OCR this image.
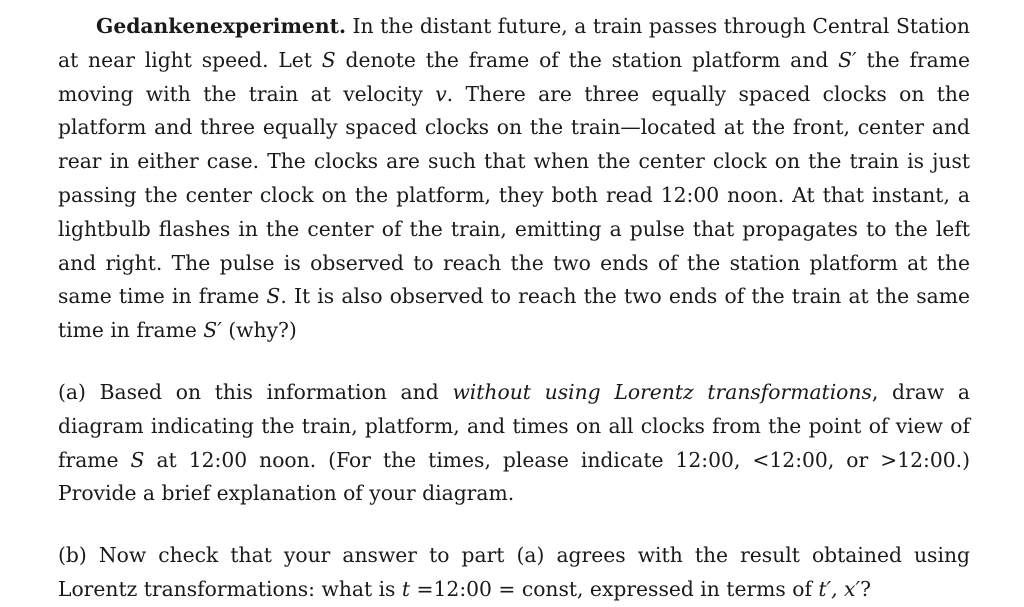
Gedankenexperiment. In the distant future, a train passes through Central Station at near light speed. Let S denote the frame of the station platform and S′ the frame moving with the train at velocity v. There are three equally spaced clocks on the platform and three equally spaced clocks on the train—located at the front, center and rear in either case. The clocks are such that when the center clock on the train is just passing the center clock on the platform, they both read 12:00 noon. At that instant, a lightbulb flashes in the center of the train, emitting a pulse that propagates to the left and right. The pulse is observed to reach the two ends of the station platform at the same time in frame S. It is also observed to reach the two ends of the train at the same time in frame S′ (why?)

(a) Based on this information and without using Lorentz transformations, draw a diagram indicating the train, platform, and times on all clocks from the point of view of frame S at 12:00 noon. (For the times, please indicate 12:00, <12:00, or >12:00.) Provide a brief explanation of your diagram.

(b) Now check that your answer to part (a) agrees with the result obtained using Lorentz transformations: what is t =12:00 = const, expressed in terms of t′, x′?
